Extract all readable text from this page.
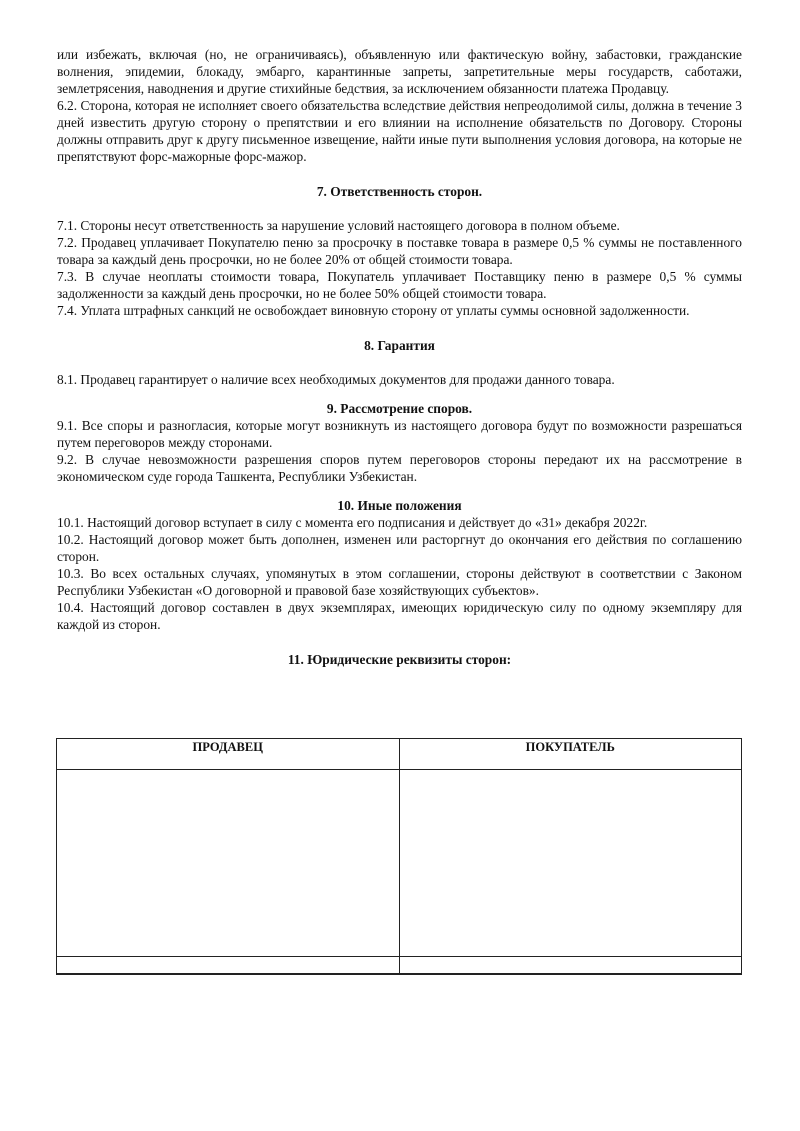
или избежать, включая (но, не ограничиваясь), объявленную или фактическую войну, забастовки, гражданские волнения, эпидемии, блокаду, эмбарго, карантинные запреты, запретительные меры государств, саботажи, землетрясения, наводнения и другие стихийные бедствия, за исключением обязанности платежа Продавцу.

6.2. Сторона, которая не исполняет своего обязательства вследствие действия непреодолимой силы, должна в течение 3 дней известить другую сторону о препятствии и его влиянии на исполнение обязательств по Договору. Стороны должны отправить друг к другу письменное извещение, найти иные пути выполнения условия договора, на которые не препятствуют форс-мажорные форс-мажор.

7. Ответственность сторон.

7.1. Стороны несут ответственность за нарушение условий настоящего договора в полном объеме.

7.2. Продавец уплачивает Покупателю пеню за просрочку в поставке товара в размере 0,5 % суммы не поставленного товара за каждый день просрочки, но не более 20% от общей стоимости товара.

7.3. В случае неоплаты стоимости товара, Покупатель уплачивает Поставщику пеню в размере 0,5 % суммы задолженности за каждый день просрочки, но не более 50% общей стоимости товара.

7.4. Уплата штрафных санкций не освобождает виновную сторону от уплаты суммы основной задолженности.

8. Гарантия

8.1. Продавец гарантирует о наличие всех необходимых документов для продажи данного товара.

9. Рассмотрение споров.

9.1. Все споры и разногласия, которые могут возникнуть из настоящего договора будут по возможности разрешаться путем переговоров между сторонами.

9.2. В случае невозможности разрешения споров путем переговоров стороны передают их на рассмотрение в экономическом суде города Ташкента, Республики Узбекистан.

10. Иные положения

10.1. Настоящий договор вступает в силу с момента его подписания и действует до «31» декабря 2022г.

10.2. Настоящий договор может быть дополнен, изменен или расторгнут до окончания его действия по соглашению сторон.

10.3. Во всех остальных случаях, упомянутых в этом соглашении, стороны действуют в соответствии с Законом Республики Узбекистан «О договорной и правовой базе хозяйствующих субъектов».

10.4. Настоящий договор составлен в двух экземплярах, имеющих юридическую силу по одному экземпляру для каждой из сторон.

11. Юридические реквизиты сторон:

ПРОДАВЕЦ	ПОКУПАТЕЛЬ
